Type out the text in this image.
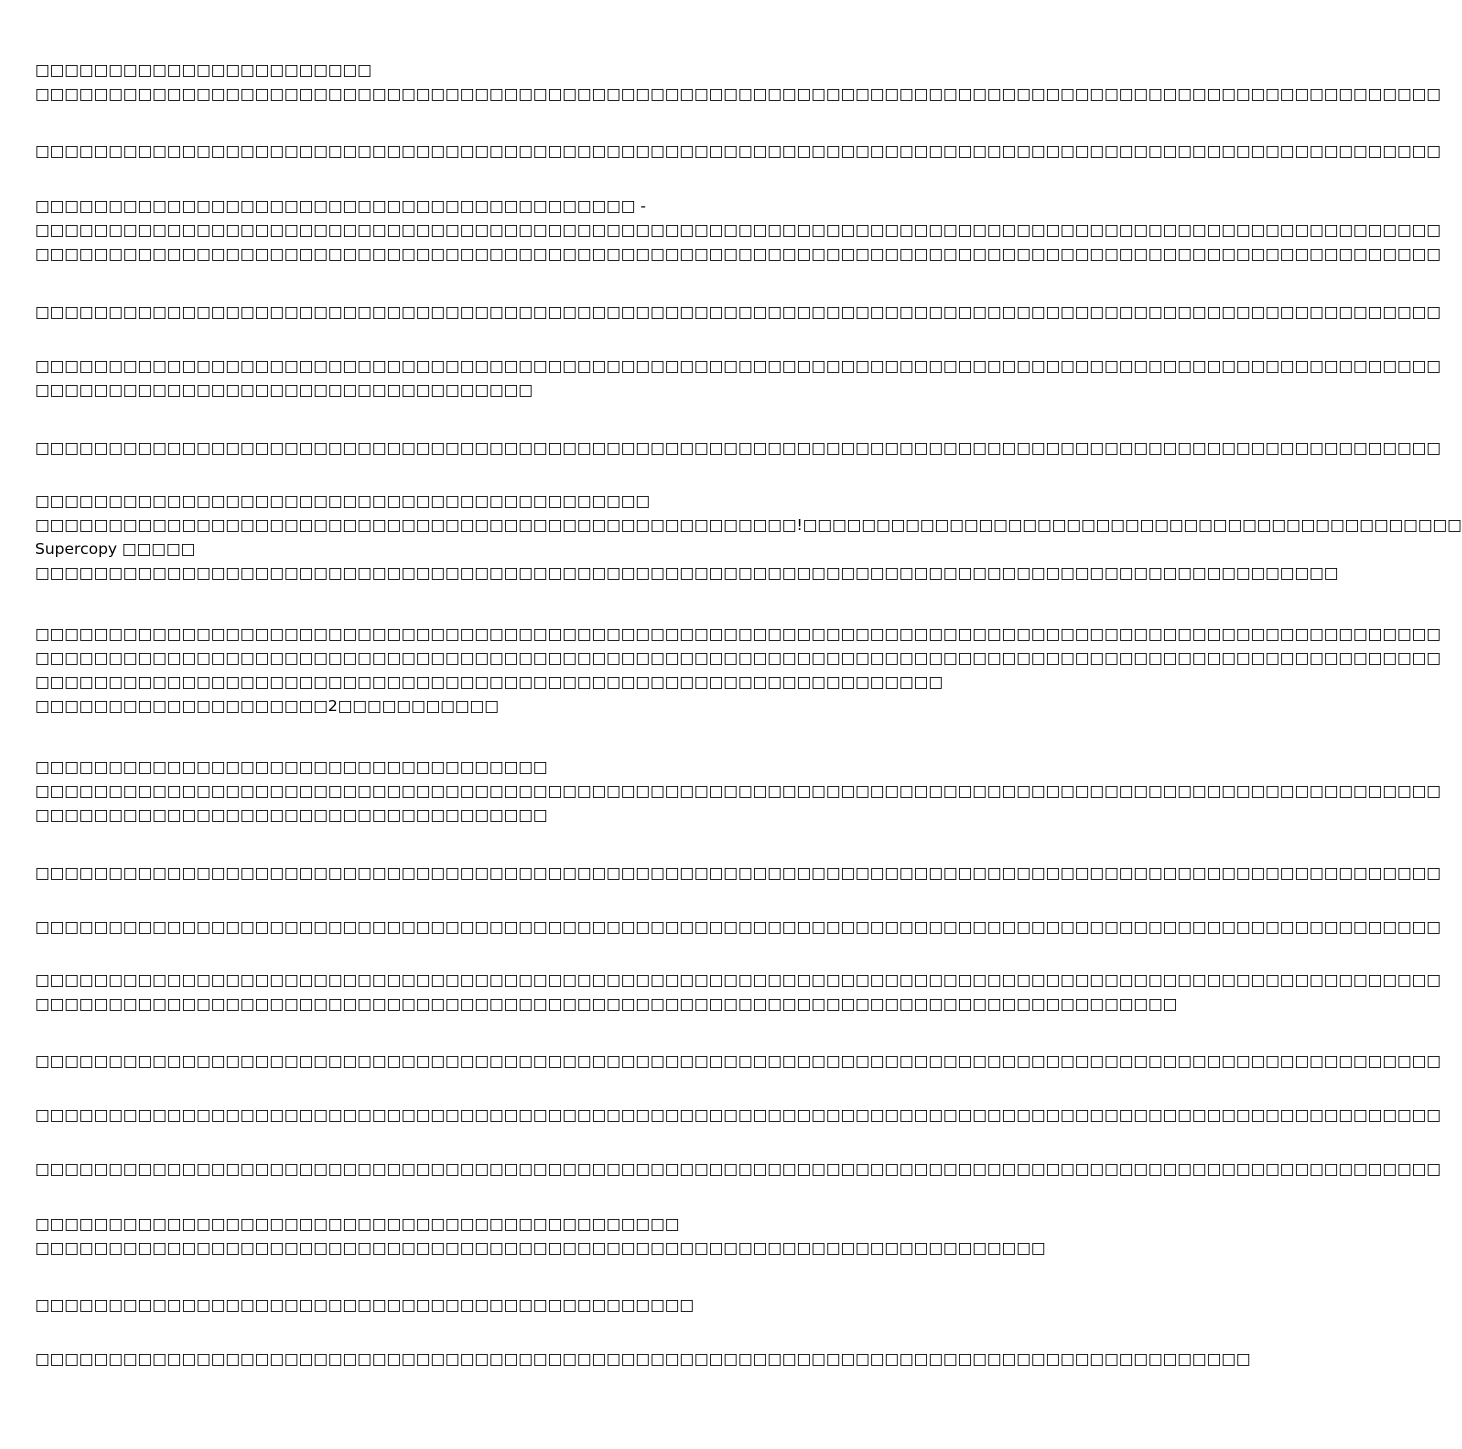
□□□□□□□□□□□□□□□□□□□□□□□
□□□□□□□□□□□□□□□□□□□□□□□□□□□□□□□□□□□□□□□□□□□□□□□□□□□□□□□□□□□□□□□□□□□□□□□□□□□□□□□□□□□□□□□□□□□□□□□□
□□□□□□□□□□□□□□□□□□□□□□□□□□□□□□□□□□□□□□□□□□□□□□□□□□□□□□□□□□□□□□□□□□□□□□□□□□□□□□□□□□□□□□□□□□□□□□□□
□□□□□□□□□□□□□□□□□□□□□□□□□□□□□□□□□□□□□□□□□ -
□□□□□□□□□□□□□□□□□□□□□□□□□□□□□□□□□□□□□□□□□□□□□□□□□□□□□□□□□□□□□□□□□□□□□□□□□□□□□□□□□□□□□□□□□□□□□□□□
□□□□□□□□□□□□□□□□□□□□□□□□□□□□□□□□□□□□□□□□□□□□□□□□□□□□□□□□□□□□□□□□□□□□□□□□□□□□□□□□□□□□□□□□□□□□□□□□
□□□□□□□□□□□□□□□□□□□□□□□□□□□□□□□□□□□□□□□□□□□□□□□□□□□□□□□□□□□□□□□□□□□□□□□□□□□□□□□□□□□□□□□□□□□□□□□□
□□□□□□□□□□□□□□□□□□□□□□□□□□□□□□□□□□□□□□□□□□□□□□□□□□□□□□□□□□□□□□□□□□□□□□□□□□□□□□□□□□□□□□□□□□□□□□□□
□□□□□□□□□□□□□□□□□□□□□□□□□□□□□□□□□□
□□□□□□□□□□□□□□□□□□□□□□□□□□□□□□□□□□□□□□□□□□□□□□□□□□□□□□□□□□□□□□□□□□□□□□□□□□□□□□□□□□□□□□□□□□□□□□□□
□□□□□□□□□□□□□□□□□□□□□□□□□□□□□□□□□□□□□□□□□□
□□□□□□□□□□□□□□□□□□□□□□□□□□□□□□□□□□□□□□□□□□□□□□□□□□□□!□□□□□□□□□□□□□□□□□□□□□□□□□□□□□□□□□□□□□□□□□□□□□
Supercopy □□□□□
□□□□□□□□□□□□□□□□□□□□□□□□□□□□□□□□□□□□□□□□□□□□□□□□□□□□□□□□□□□□□□□□□□□□□□□□□□□□□□□□□□□□□□□□□
□□□□□□□□□□□□□□□□□□□□□□□□□□□□□□□□□□□□□□□□□□□□□□□□□□□□□□□□□□□□□□□□□□□□□□□□□□□□□□□□□□□□□□□□□□□□□□□□
□□□□□□□□□□□□□□□□□□□□□□□□□□□□□□□□□□□□□□□□□□□□□□□□□□□□□□□□□□□□□□□□□□□□□□□□□□□□□□□□□□□□□□□□□□□□□□□□
□□□□□□□□□□□□□□□□□□□□□□□□□□□□□□□□□□□□□□□□□□□□□□□□□□□□□□□□□□□□□□
□□□□□□□□□□□□□□□□□□□□2□□□□□□□□□□□
□□□□□□□□□□□□□□□□□□□□□□□□□□□□□□□□□□□
□□□□□□□□□□□□□□□□□□□□□□□□□□□□□□□□□□□□□□□□□□□□□□□□□□□□□□□□□□□□□□□□□□□□□□□□□□□□□□□□□□□□□□□□□□□□□□□□
□□□□□□□□□□□□□□□□□□□□□□□□□□□□□□□□□□□
□□□□□□□□□□□□□□□□□□□□□□□□□□□□□□□□□□□□□□□□□□□□□□□□□□□□□□□□□□□□□□□□□□□□□□□□□□□□□□□□□□□□□□□□□□□□□□□□
□□□□□□□□□□□□□□□□□□□□□□□□□□□□□□□□□□□□□□□□□□□□□□□□□□□□□□□□□□□□□□□□□□□□□□□□□□□□□□□□□□□□□□□□□□□□□□□□
□□□□□□□□□□□□□□□□□□□□□□□□□□□□□□□□□□□□□□□□□□□□□□□□□□□□□□□□□□□□□□□□□□□□□□□□□□□□□□□□□□□□□□□□□□□□□□□□
□□□□□□□□□□□□□□□□□□□□□□□□□□□□□□□□□□□□□□□□□□□□□□□□□□□□□□□□□□□□□□□□□□□□□□□□□□□□□□
□□□□□□□□□□□□□□□□□□□□□□□□□□□□□□□□□□□□□□□□□□□□□□□□□□□□□□□□□□□□□□□□□□□□□□□□□□□□□□□□□□□□□□□□□□□□□□□□
□□□□□□□□□□□□□□□□□□□□□□□□□□□□□□□□□□□□□□□□□□□□□□□□□□□□□□□□□□□□□□□□□□□□□□□□□□□□□□□□□□□□□□□□□□□□□□□□
□□□□□□□□□□□□□□□□□□□□□□□□□□□□□□□□□□□□□□□□□□□□□□□□□□□□□□□□□□□□□□□□□□□□□□□□□□□□□□□□□□□□□□□□□□□□□□□□
□□□□□□□□□□□□□□□□□□□□□□□□□□□□□□□□□□□□□□□□□□□□
□□□□□□□□□□□□□□□□□□□□□□□□□□□□□□□□□□□□□□□□□□□□□□□□□□□□□□□□□□□□□□□□□□□□□
□□□□□□□□□□□□□□□□□□□□□□□□□□□□□□□□□□□□□□□□□□□□□
□□□□□□□□□□□□□□□□□□□□□□□□□□□□□□□□□□□□□□□□□□□□□□□□□□□□□□□□□□□□□□□□□□□□□□□□□□□□□□□□□□□
